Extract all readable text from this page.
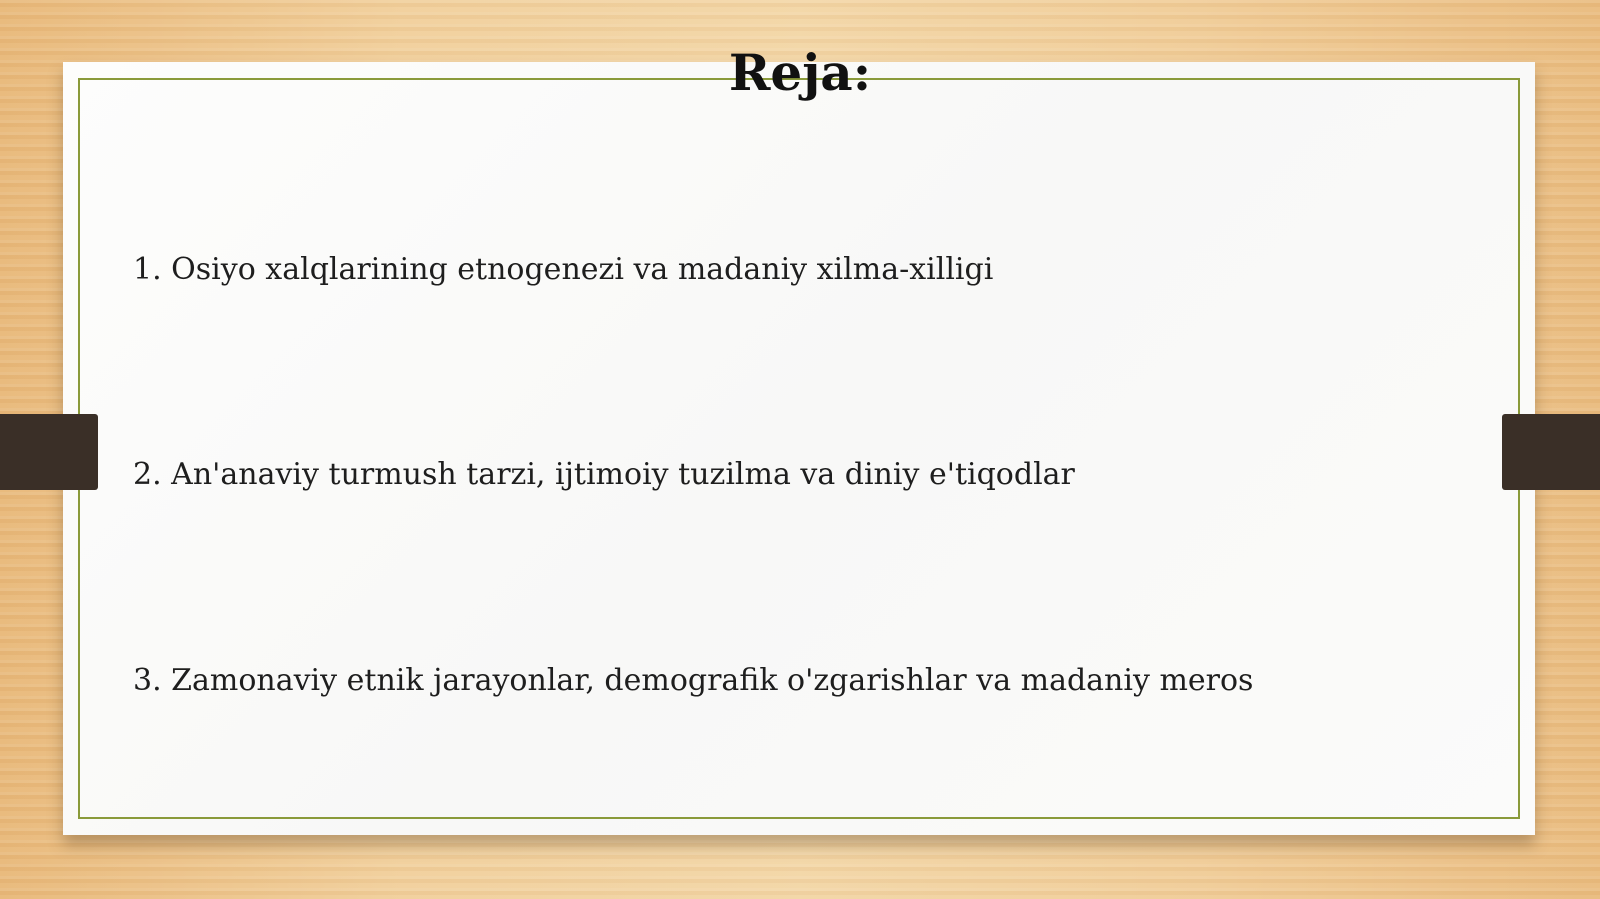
Reja:
1. Osiyo xalqlarining etnogenezi va madaniy xilma-xilligi
2. An'anaviy turmush tarzi, ijtimoiy tuzilma va diniy e'tiqodlar
3. Zamonaviy etnik jarayonlar, demografik o'zgarishlar va madaniy meros
